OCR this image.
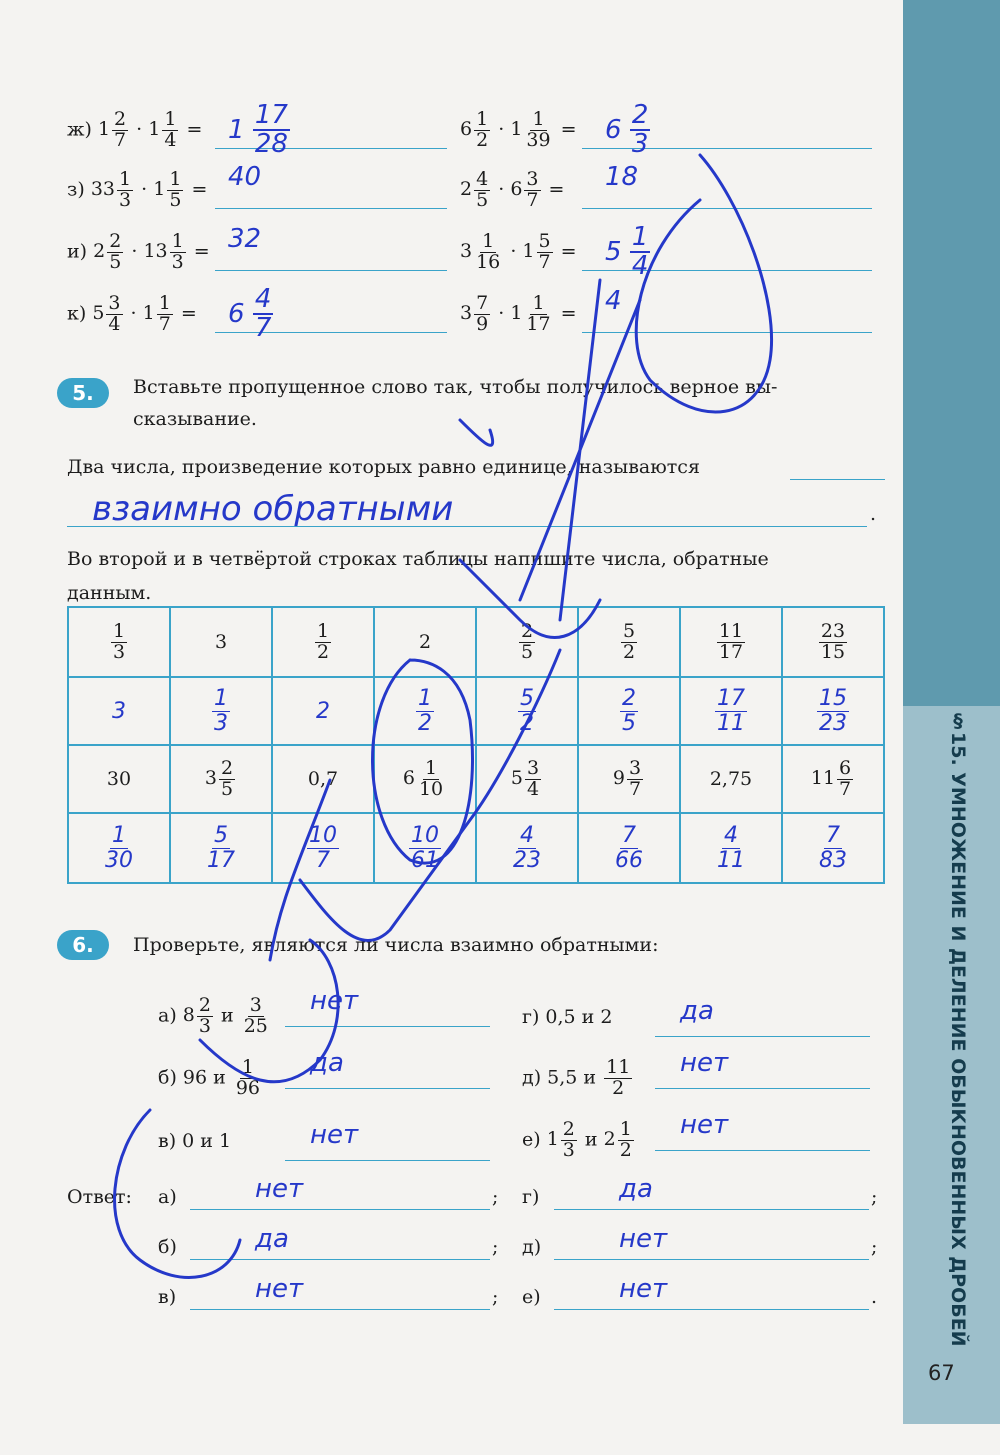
§15. УМНОЖЕНИЕ И ДЕЛЕНИЕ ОБЫКНОВЕННЫХ ДРОБЕЙ
67
ж) $1 \frac{2}{7} \cdot 1 \frac{1}{4} = 1 \frac{17}{28}$	$6 \frac{1}{2} \cdot 1 \frac{1}{39} = 6 \frac{2}{3}$
з) $33 \frac{1}{3} \cdot 1 \frac{1}{5} = 40$	$2 \frac{4}{5} \cdot 6 \frac{3}{7} = 18$
и) $2 \frac{2}{5} \cdot 13 \frac{1}{3} = 32$	$3 \frac{1}{16} \cdot 1 \frac{5}{7} = 5 \frac{1}{4}$
к) $5 \frac{3}{4} \cdot 1 \frac{1}{7} = 6 \frac{4}{7}$	$3 \frac{7}{9} \cdot 1 \frac{1}{17} = 4$
5.	Вставьте пропущенное слово так, чтобы получилось верное вы-
сказывание.
Два числа, произведение которых равно единице, называются
взаимно обратными	.
Во второй и в четвёртой строках таблицы напишите числа, обратные
данным.
$\frac{1}{3}$	3	$\frac{1}{2}$	2	$\frac{2}{5}$	$\frac{5}{2}$	$\frac{11}{17}$	$\frac{23}{15}$

3	$\frac{1}{3}$	2	$\frac{1}{2}$	$\frac{5}{2}$	$\frac{2}{5}$	$\frac{17}{11}$	$\frac{15}{23}$

30	$3 \frac{2}{5}$	0,7	$6 \frac{1}{10}$	$5 \frac{3}{4}$	$9 \frac{3}{7}$	2,75	$11 \frac{6}{7}$

$\frac{1}{30}$	$\frac{5}{17}$	$\frac{10}{7}$	$\frac{10}{61}$	$\frac{4}{23}$	$\frac{7}{66}$	$\frac{4}{11}$	$\frac{7}{83}$
6.	Проверьте, являются ли числа взаимно обратными:
а) $8 \frac{2}{3}$ и $\frac{3}{25}$ нет
б) 96 и $\frac{1}{96}$ да
в) 0 и 1	нет
г) 0,5 и 2	да
д) 5,5 и $\frac{11}{2}$ нет
е) $1 \frac{2}{3}$ и $2 \frac{1}{2}$ нет
Ответ: а)	нет	;
б)	да	;
в)	нет	;
г)	да	;
д)	нет	;
е)	нет	.
